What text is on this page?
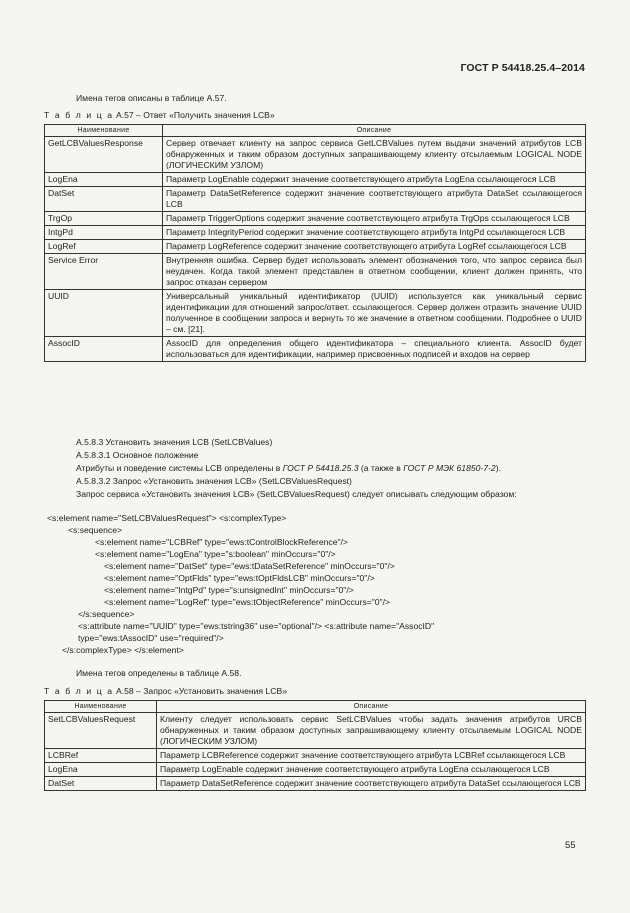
ГОСТ Р 54418.25.4–2014
Имена тегов описаны в таблице А.57.
Т а б л и ц а А.57 – Ответ «Получить значения LCB»
Наименование	Описание
GetLCBValuesResponse	Сервер отвечает клиенту на запрос сервиса GetLCBValues путем выдачи значений атрибутов LCB обнаруженных и таким образом доступных запрашивающему клиенту отсылаемым LOGICAL NODE (ЛОГИЧЕСКИМ УЗЛОМ)
LogEna	Параметр LogEnable содержит значение соответствующего атрибута LogEna ссылающегося LCB
DatSet	Параметр DataSetReference содержит значение соответствующего атрибута DataSet ссылающегося LCB
TrgOp	Параметр TriggerOptions содержит значение соответствующего атрибута TrgOps ссылающегося LCB
IntgPd	Параметр IntegrityPeriod содержит значение соответствующего атрибута IntgPd ссылающегося LCB
LogRef	Параметр LogReference содержит значение соответствующего атрибута LogRef ссылающегося LCB
Service Error	Внутренняя ошибка. Сервер будет использовать элемент обозначения того, что запрос сервиса был неудачен. Когда такой элемент представлен в ответном сообщении, клиент должен принять, что запрос отказан сервером
UUID	Универсальный уникальный идентификатор (UUID) используется как уникальный сервис идентификации для отношений запрос/ответ. ссылающегося. Сервер должен отразить значение UUID полученное в сообщении запроса и вернуть то же значение в ответном сообщении. Подробнее о UUID – см. [21].
AssocID	AssocID для определения общего идентификатора – специального клиента. AssocID будет использоваться для идентификации, например присвоенных подписей и входов на сервер
А.5.8.3 Установить значения LCB (SetLCBValues)
А.5.8.3.1 Основное положение
Атрибуты и поведение системы LCB определены в ГОСТ Р 54418.25.3 (а также в ГОСТ Р МЭК 61850-7-2).
А.5.8.3.2 Запрос «Установить значения LCB» (SetLCBValuesRequest)
Запрос сервиса «Установить значения LCB» (SetLCBValuesRequest) следует описывать следующим образом:
<s:element name="SetLCBValuesRequest"> <s:complexType>
<s:sequence>
<s:element name="LCBRef" type="ews:tControlBlockReference"/>
<s:element name="LogEna" type="s:boolean" minOccurs="0"/>
<s:element name="DatSet" type="ews:tDataSetReference" minOccurs="0"/>
<s:element name="OptFlds" type="ews:tOptFldsLCB" minOccurs="0"/>
<s:element name="IntgPd" type="s:unsignedInt" minOccurs="0"/>
<s:element name="LogRef" type="ews:tObjectReference" minOccurs="0"/>
</s:sequence>
<s:attribute name="UUID" type="ews:tstring36" use="optional"/> <s:attribute name="AssocID"
type="ews:tAssocID" use="required"/>
</s:complexType> </s:element>
Имена тегов определены в таблице А.58.
Т а б л и ц а А.58 – Запрос «Установить значения LCB»
Наименование	Описание
SetLCBValuesRequest	Клиенту следует использовать сервис SetLCBValues чтобы задать значения атрибутов URCB обнаруженных и таким образом доступных запрашивающему клиенту отсылаемым LOGICAL NODE (ЛОГИЧЕСКИМ УЗЛОМ)
LCBRef	Параметр LCBReference содержит значение соответствующего атрибута LCBRef ссылающегося LCB
LogEna	Параметр LogEnable содержит значение соответствующего атрибута LogEna ссылающегося LCB
DatSet	Параметр DataSetReference содержит значение соответствующего атрибута DataSet ссылающегося LCB
55
